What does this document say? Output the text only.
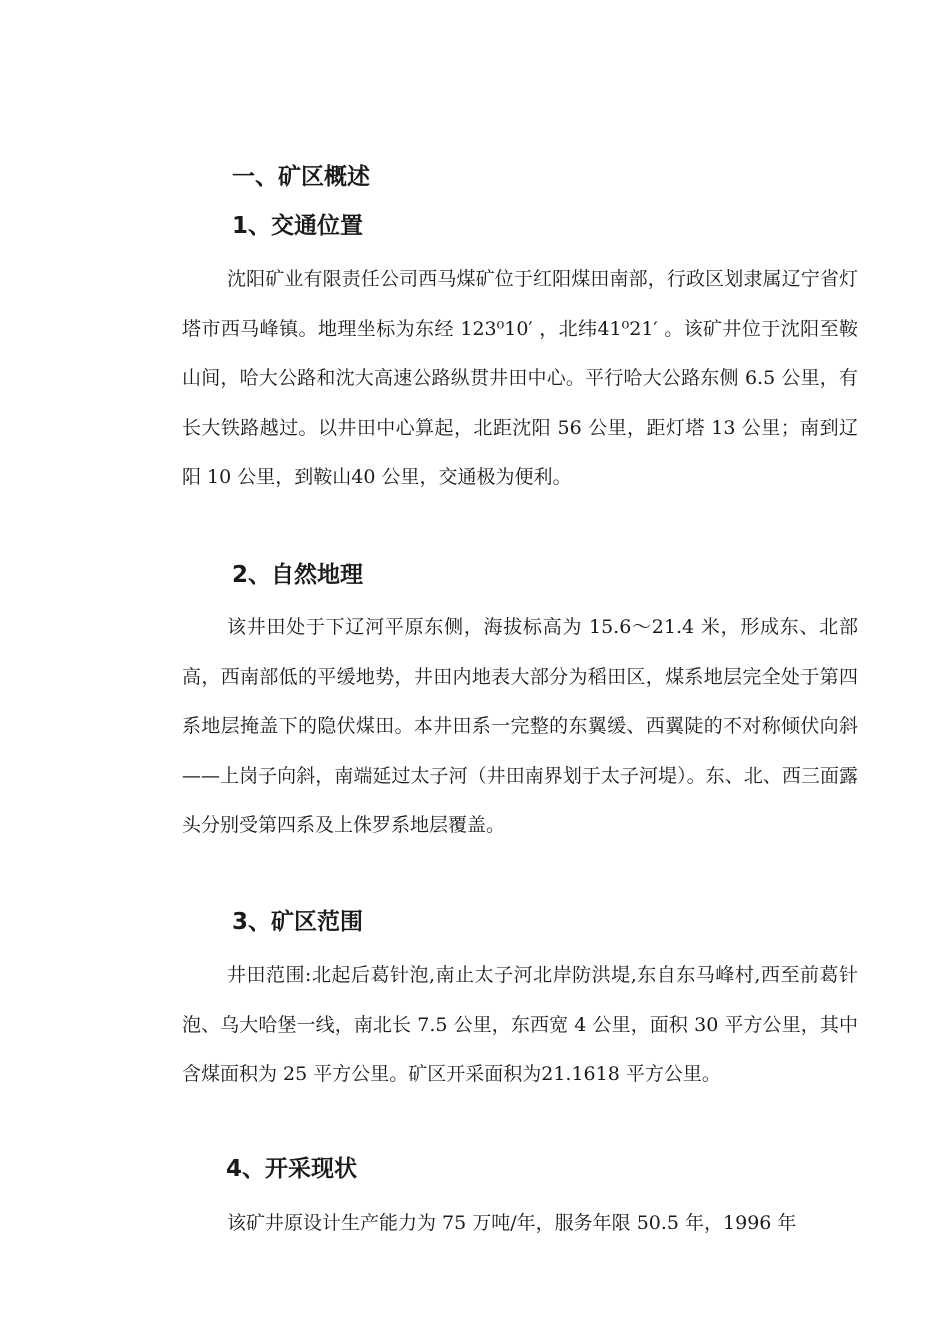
一、矿区概述
1、交通位置

沈阳矿业有限责任公司西马煤矿位于红阳煤田南部，行政区划隶属辽宁省灯塔市西马峰镇。地理坐标为东经 123⁰10′ ，北纬41⁰21′ 。该矿井位于沈阳至鞍山间，哈大公路和沈大高速公路纵贯井田中心。平行哈大公路东侧 6.5 公里，有长大铁路越过。以井田中心算起，北距沈阳 56 公里，距灯塔 13 公里；南到辽阳 10 公里，到鞍山40 公里，交通极为便利。

2、自然地理

该井田处于下辽河平原东侧，海拔标高为 15.6～21.4 米，形成东、北部高，西南部低的平缓地势，井田内地表大部分为稻田区，煤系地层完全处于第四系地层掩盖下的隐伏煤田。本井田系一完整的东翼缓、西翼陡的不对称倾伏向斜——上岗子向斜，南端延过太子河（井田南界划于太子河堤）。东、北、西三面露头分别受第四系及上侏罗系地层覆盖。

3、矿区范围

井田范围:北起后葛针泡,南止太子河北岸防洪堤,东自东马峰村,西至前葛针泡、乌大哈堡一线，南北长 7.5 公里，东西宽 4 公里，面积 30 平方公里，其中含煤面积为 25 平方公里。矿区开采面积为21.1618 平方公里。

4、开采现状

该矿井原设计生产能力为 75 万吨/年，服务年限 50.5 年，1996 年
